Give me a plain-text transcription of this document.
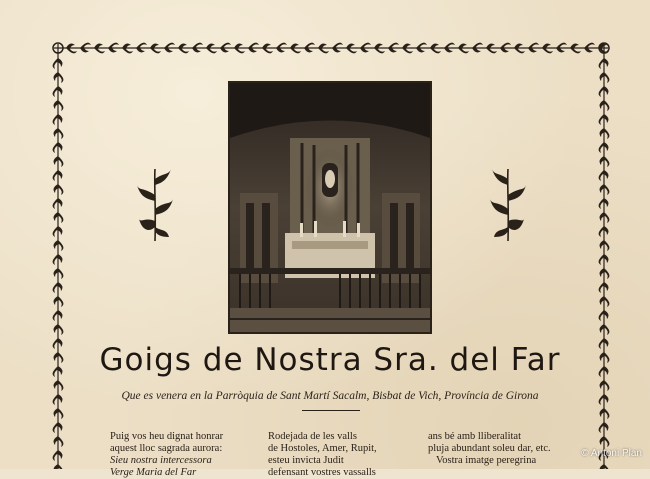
Goigs de Nostra Sra. del Far
Que es venera en la Parròquia de Sant Martí Sacalm, Bisbat de Vich, Província de Girona
Puig vos heu dignat honrar
aquest lloc sagrada aurora:
Sieu nostra intercessora
Verge Maria del Far
Rodejada de les valls
de Hostoles, Amer, Rupit,
esteu invicta Judit
defensant vostres vassalls
ans bé amb lliberalitat
pluja abundant soleu dar, etc.
Vostra imatge peregrina
© Antoni Plan
